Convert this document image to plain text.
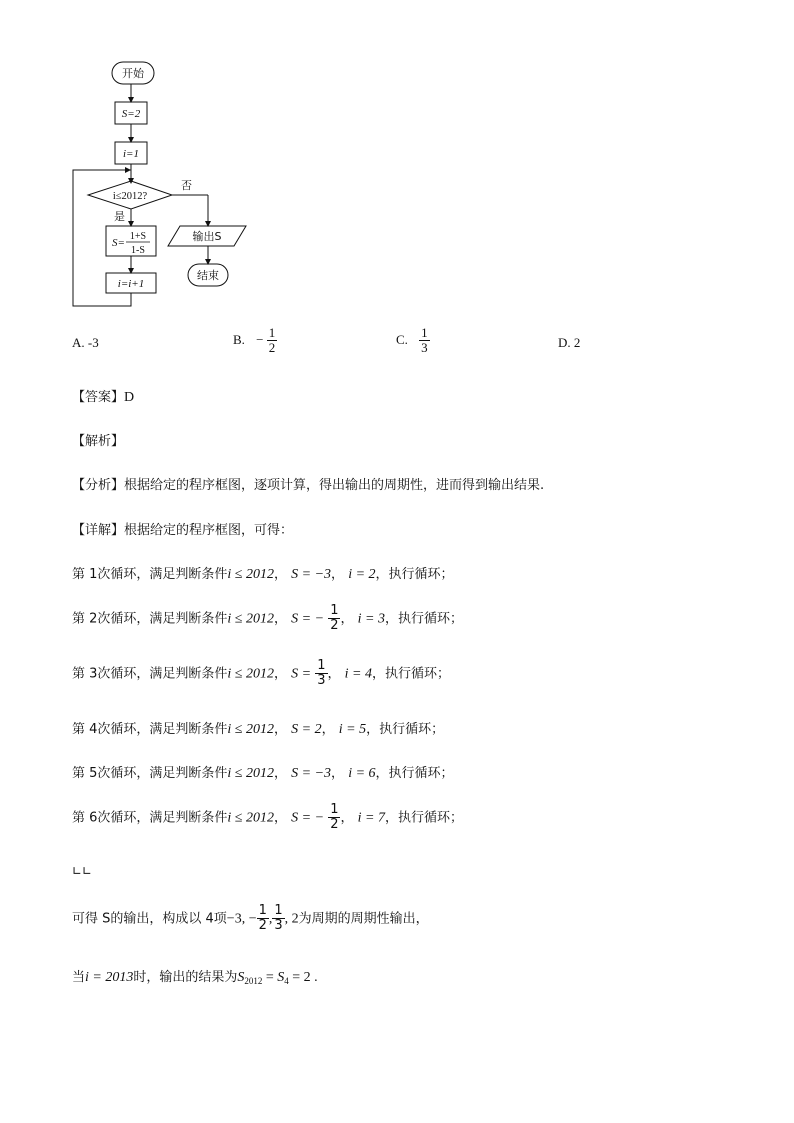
开始
S=2
i=1
i≤2012?
否
是
S=
1+S
1-S
输出S
i=i+1
结束
A. -3	B. − $\frac{1}{2}$	C. $\frac{1}{3}$	D. 2
【答案】D
【解析】
【分析】根据给定的程序框图，逐项计算，得出输出的周期性，进而得到输出结果.
【详解】根据给定的程序框图，可得：
第 1次循环，满足判断条件i ≤ 2012， S = −3， i = 2，执行循环；
第 2次循环，满足判断条件i ≤ 2012， S = − $\frac{1}{2}$ ， i = 3，执行循环；
第 3次循环，满足判断条件i ≤ 2012， $S = \frac{1}{3}$ ， i = 4，执行循环；
第 4次循环，满足判断条件i ≤ 2012， S = 2， i = 5，执行循环；
第 5次循环，满足判断条件i ≤ 2012， S = −3， i = 6，执行循环；
第 6次循环，满足判断条件i ≤ 2012， S = − $\frac{1}{2}$ ， i = 7，执行循环；
∟∟
可得 S的输出，构成以 4项−3, − $\frac{1}{2}$ , $\frac{1}{3}$ , 2为周期的周期性输出，
当i = 2013时，输出的结果为$S_{2012} = S_4 = 2$ .
